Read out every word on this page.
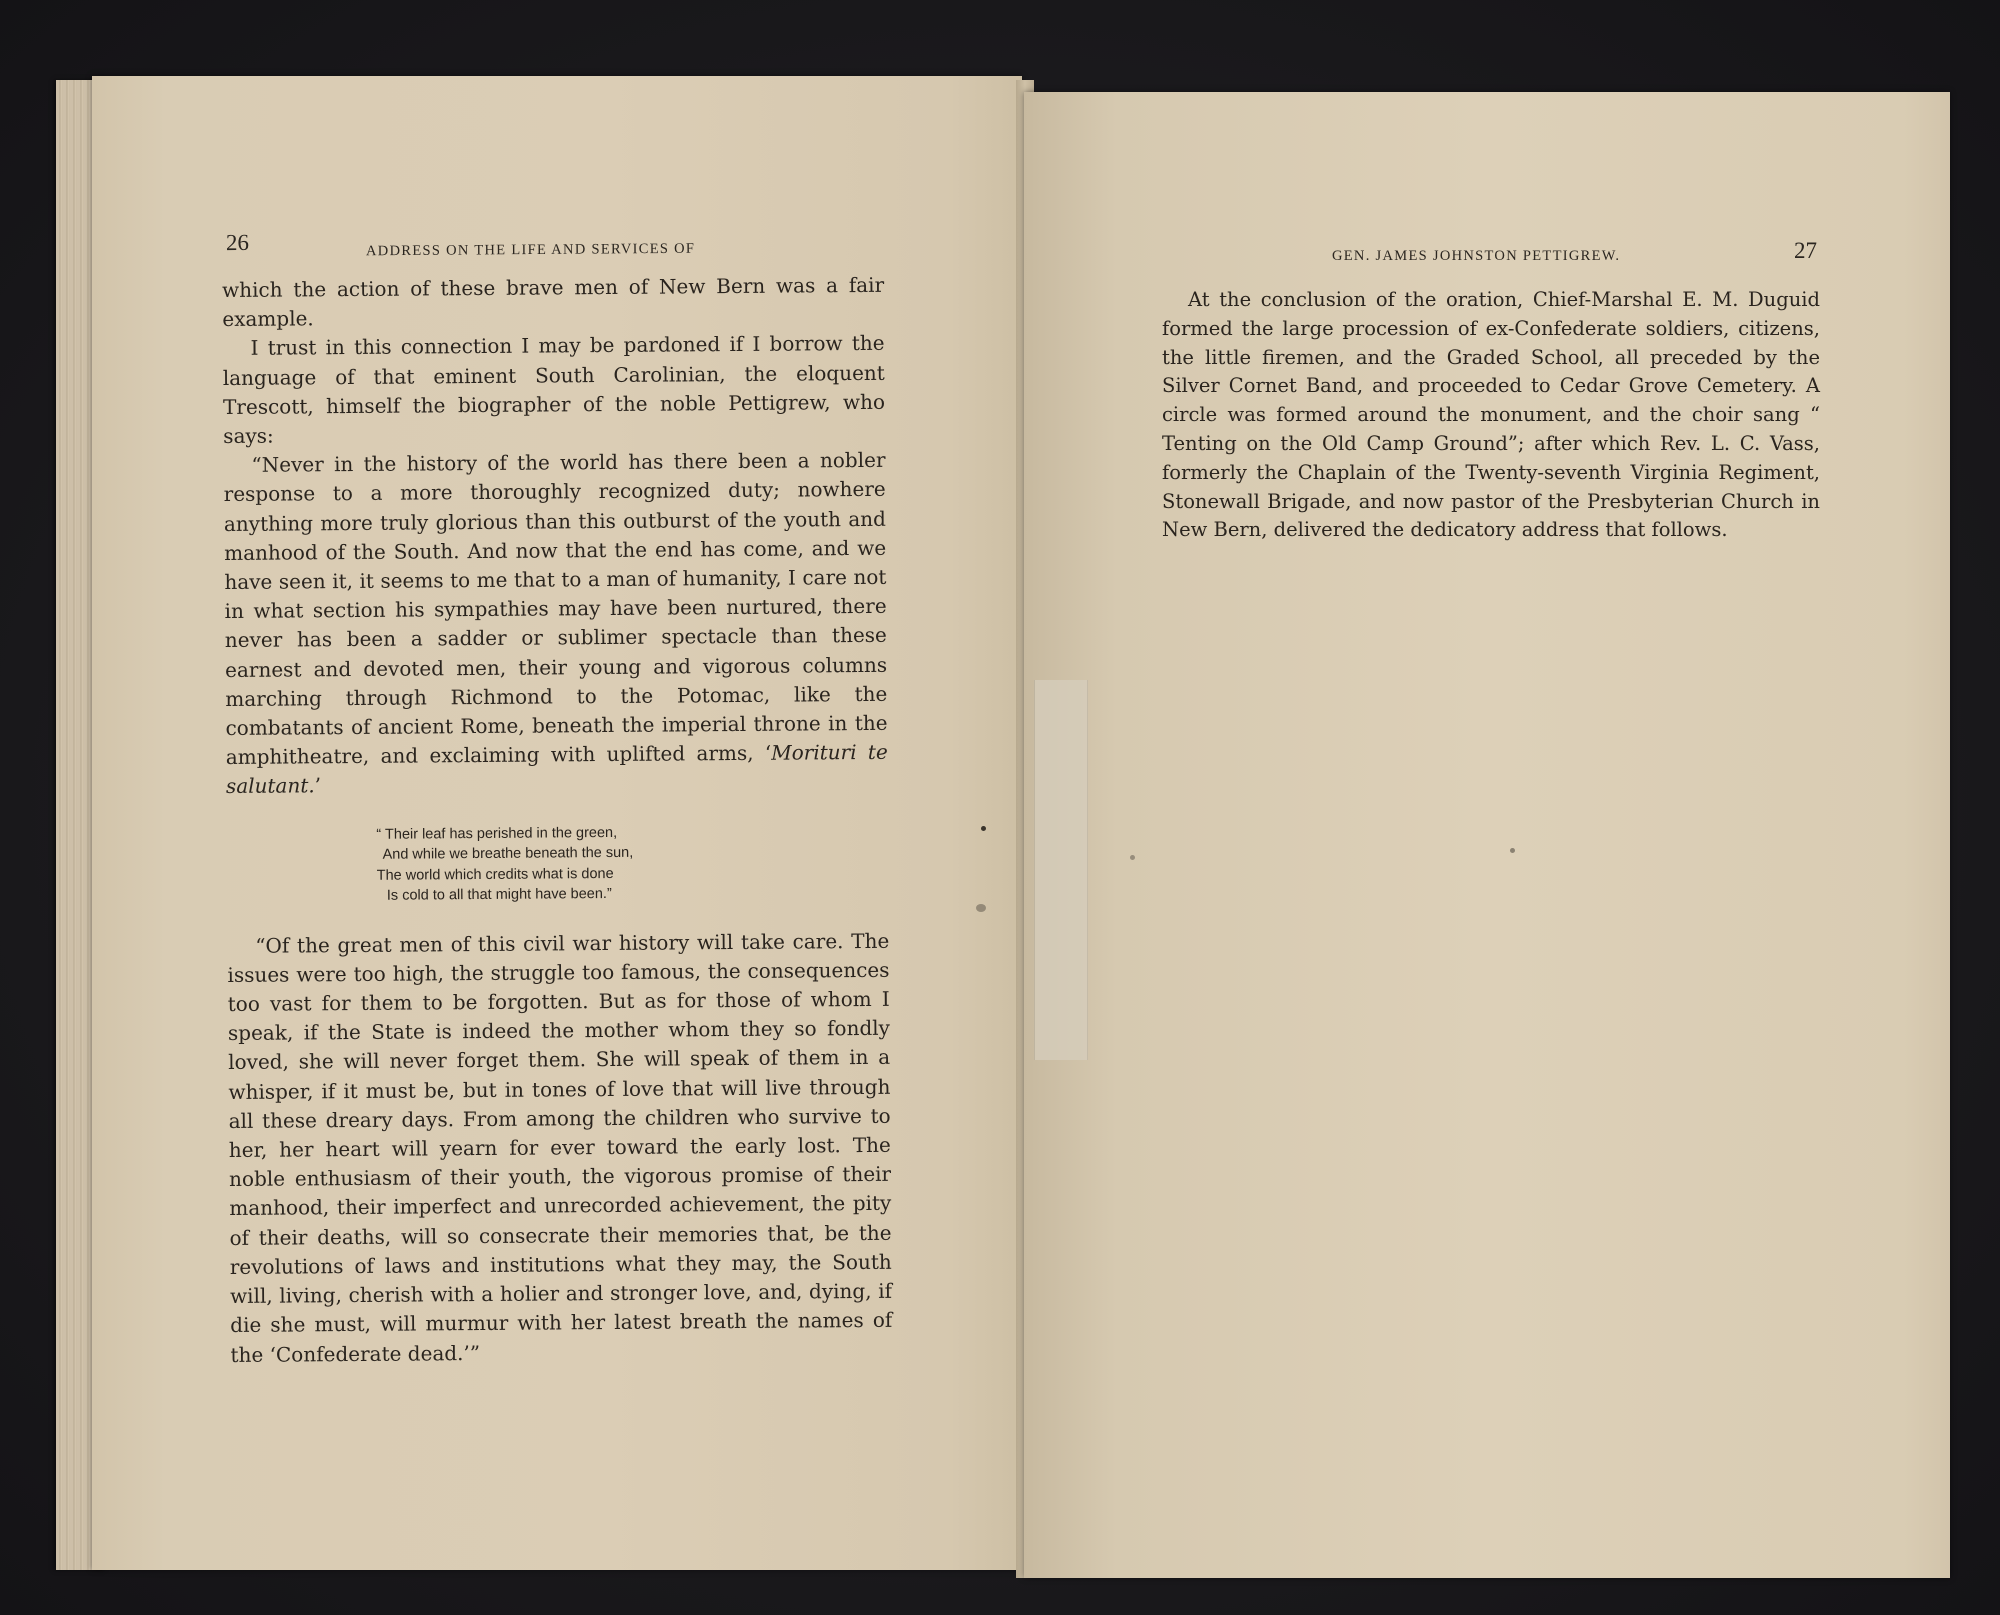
26	ADDRESS ON THE LIFE AND SERVICES OF

which the action of these brave men of New Bern was a fair example.

I trust in this connection I may be pardoned if I borrow the language of that eminent South Carolinian, the eloquent Trescott, himself the biographer of the noble Pettigrew, who says:

“Never in the history of the world has there been a nobler response to a more thoroughly recognized duty; nowhere anything more truly glorious than this outburst of the youth and manhood of the South. And now that the end has come, and we have seen it, it seems to me that to a man of humanity, I care not in what section his sympathies may have been nurtured, there never has been a sadder or sublimer spectacle than these earnest and devoted men, their young and vigorous columns marching through Richmond to the Potomac, like the combatants of ancient Rome, beneath the imperial throne in the amphitheatre, and exclaiming with uplifted arms, ‘Morituri te salutant.’

“ Their leaf has perished in the green,
And while we breathe beneath the sun,
The world which credits what is done
Is cold to all that might have been.”

“Of the great men of this civil war history will take care. The issues were too high, the struggle too famous, the consequences too vast for them to be forgotten. But as for those of whom I speak, if the State is indeed the mother whom they so fondly loved, she will never forget them. She will speak of them in a whisper, if it must be, but in tones of love that will live through all these dreary days. From among the children who survive to her, her heart will yearn for ever toward the early lost. The noble enthusiasm of their youth, the vigorous promise of their manhood, their imperfect and unrecorded achievement, the pity of their deaths, will so consecrate their memories that, be the revolutions of laws and institutions what they may, the South will, living, cherish with a holier and stronger love, and, dying, if die she must, will murmur with her latest breath the names of the ‘Confederate dead.’”

GEN. JAMES JOHNSTON PETTIGREW.	27

At the conclusion of the oration, Chief-Marshal E. M. Duguid formed the large procession of ex-Confederate soldiers, citizens, the little firemen, and the Graded School, all preceded by the Silver Cornet Band, and proceeded to Cedar Grove Cemetery. A circle was formed around the monument, and the choir sang “ Tenting on the Old Camp Ground”; after which Rev. L. C. Vass, formerly the Chaplain of the Twenty-seventh Virginia Regiment, Stonewall Brigade, and now pastor of the Presbyterian Church in New Bern, delivered the dedicatory address that follows.
